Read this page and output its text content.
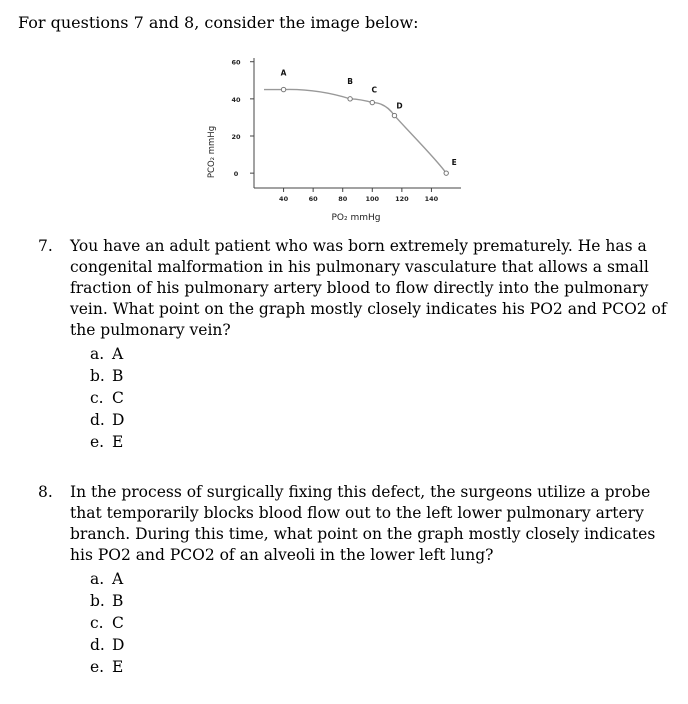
For questions 7 and 8, consider the image below:
0
20
40
60
40	60	80	100 120 140
A
B
C
D
E
PCO₂ mmHg
PO₂ mmHg
7.	You have an adult patient who was born extremely prematurely. He has a congenital malformation in his pulmonary vasculature that allows a small fraction of his pulmonary artery blood to flow directly into the pulmonary vein. What point on the graph mostly closely indicates his PO2 and PCO2 of the pulmonary vein?
a. A
b. B
c. C
d. D
e. E
8.	In the process of surgically fixing this defect, the surgeons utilize a probe that temporarily blocks blood flow out to the left lower pulmonary artery branch. During this time, what point on the graph mostly closely indicates his PO2 and PCO2 of an alveoli in the lower left lung?
a. A
b. B
c. C
d. D
e. E
